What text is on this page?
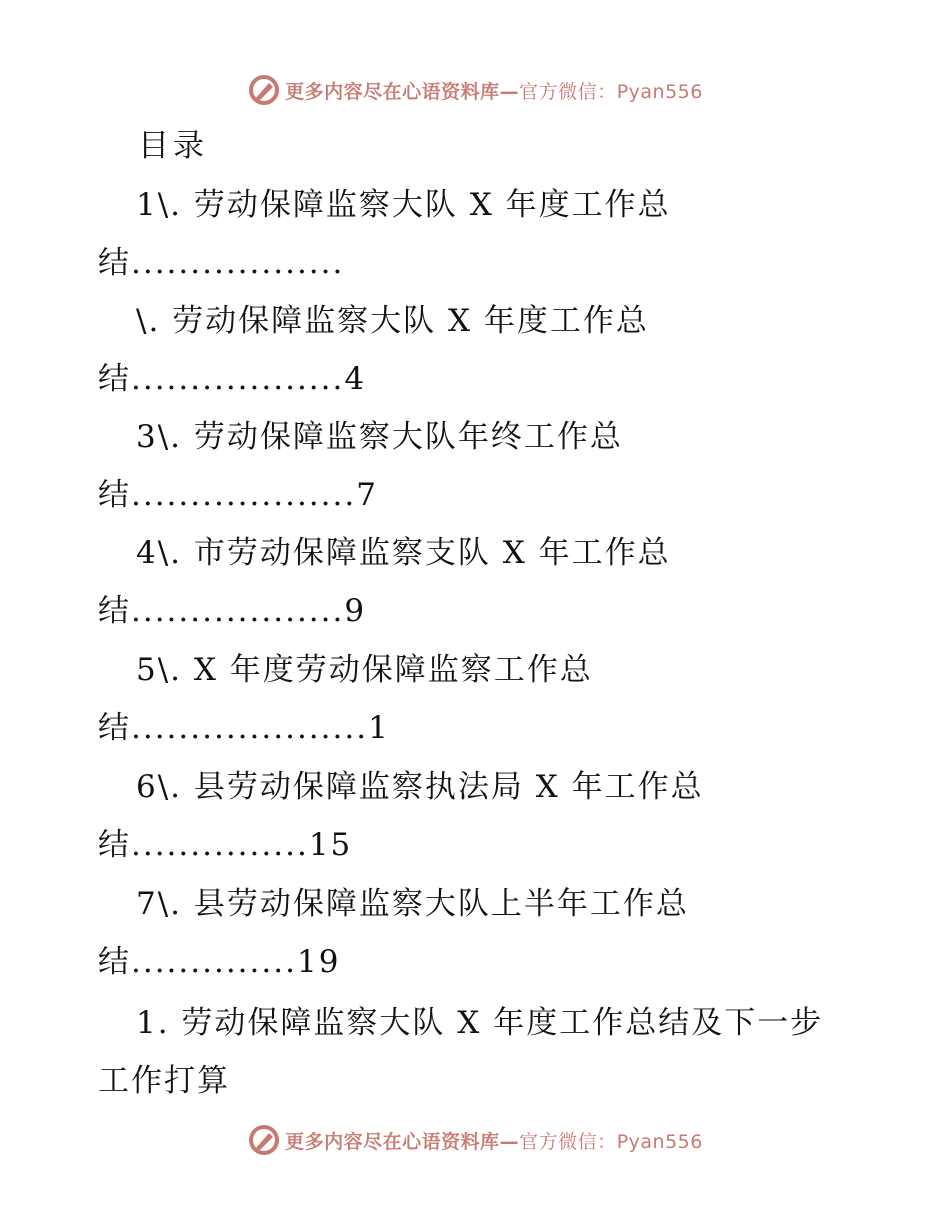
更多内容尽在心语资料库—官方微信：Pyan556
目录
1\. 劳动保障监察大队 X 年度工作总
结..................
\. 劳动保障监察大队 X 年度工作总
结..................4
3\. 劳动保障监察大队年终工作总
结...................7
4\. 市劳动保障监察支队 X 年工作总
结..................9
5\. X 年度劳动保障监察工作总
结....................1
6\. 县劳动保障监察执法局 X 年工作总
结...............15
7\. 县劳动保障监察大队上半年工作总
结..............19
1. 劳动保障监察大队 X 年度工作总结及下一步
工作打算
更多内容尽在心语资料库—官方微信：Pyan556
